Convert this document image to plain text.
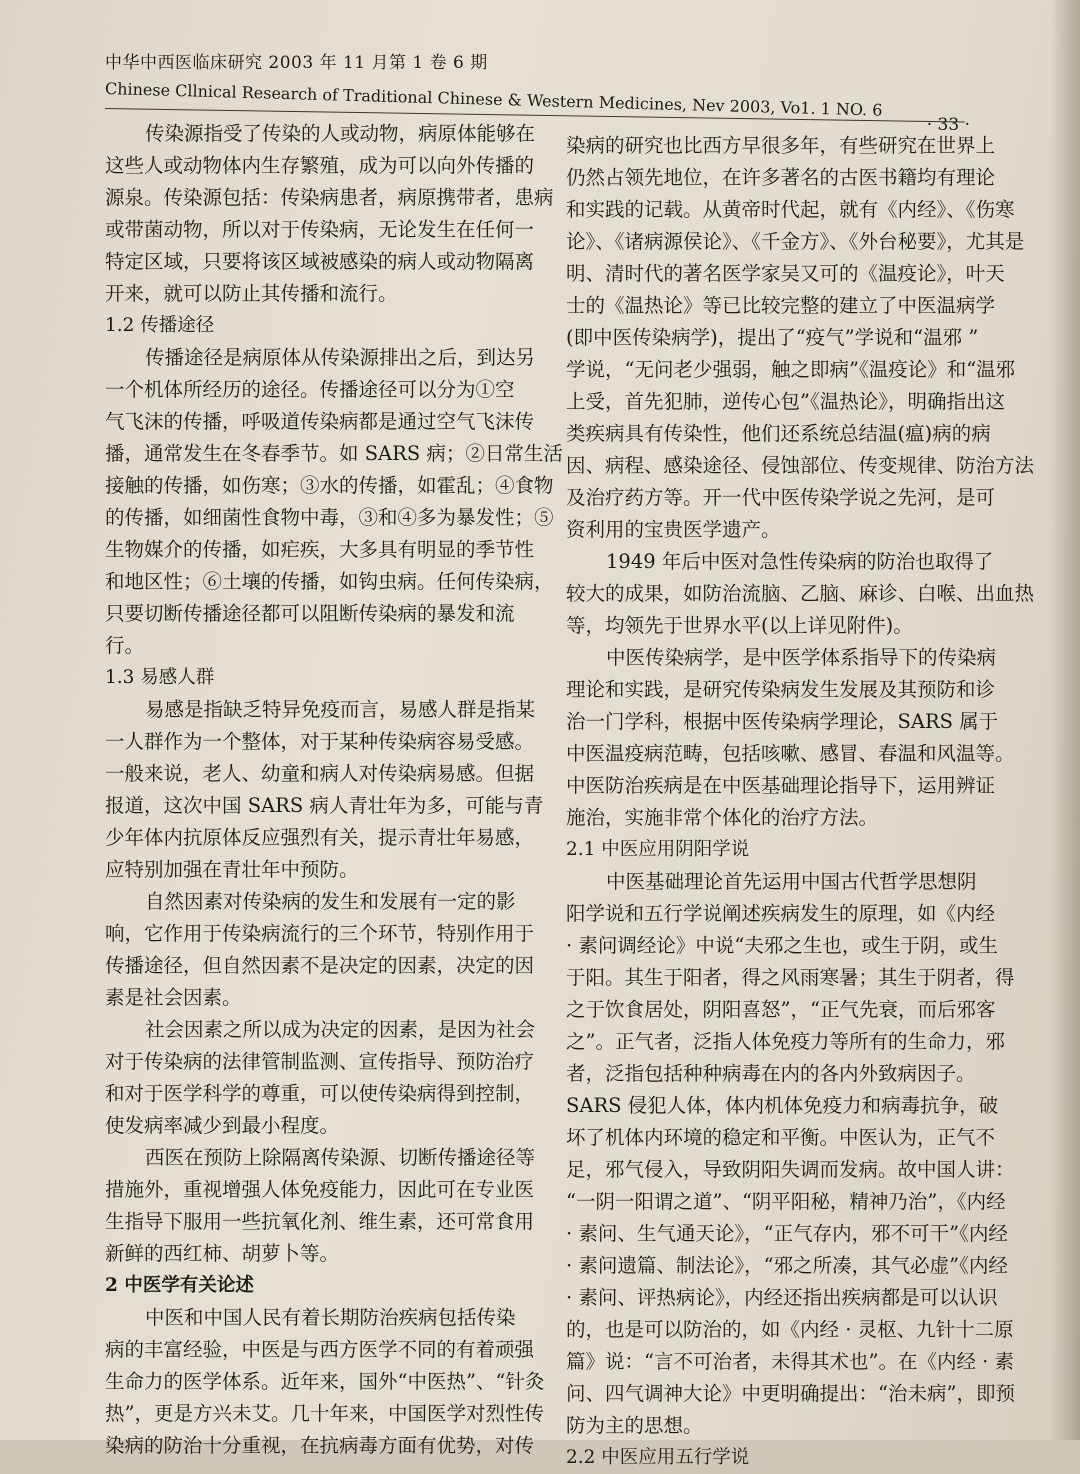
中华中西医临床研究 2003 年 11 月第 1 卷 6 期

Chinese Cllnical Research of Traditional Chinese & Western Medicines, Nev 2003, Vo1. 1 NO. 6

· 33 ·
传染源指受了传染的人或动物，病原体能够在
这些人或动物体内生存繁殖，成为可以向外传播的
源泉。传染源包括：传染病患者，病原携带者，患病
或带菌动物，所以对于传染病，无论发生在任何一
特定区域，只要将该区域被感染的病人或动物隔离
开来，就可以防止其传播和流行。
1.2 传播途径
传播途径是病原体从传染源排出之后，到达另
一个机体所经历的途径。传播途径可以分为①空
气飞沫的传播，呼吸道传染病都是通过空气飞沫传
播，通常发生在冬春季节。如 SARS 病；②日常生活
接触的传播，如伤寒；③水的传播，如霍乱；④食物
的传播，如细菌性食物中毒，③和④多为暴发性；⑤
生物媒介的传播，如疟疾，大多具有明显的季节性
和地区性；⑥土壤的传播，如钩虫病。任何传染病，
只要切断传播途径都可以阻断传染病的暴发和流
行。
1.3 易感人群
易感是指缺乏特异免疫而言，易感人群是指某
一人群作为一个整体，对于某种传染病容易受感。
一般来说，老人、幼童和病人对传染病易感。但据
报道，这次中国 SARS 病人青壮年为多，可能与青
少年体内抗原体反应强烈有关，提示青壮年易感，
应特别加强在青壮年中预防。
自然因素对传染病的发生和发展有一定的影
响，它作用于传染病流行的三个环节，特别作用于
传播途径，但自然因素不是决定的因素，决定的因
素是社会因素。
社会因素之所以成为决定的因素，是因为社会
对于传染病的法律管制监测、宣传指导、预防治疗
和对于医学科学的尊重，可以使传染病得到控制，
使发病率减少到最小程度。
西医在预防上除隔离传染源、切断传播途径等
措施外，重视增强人体免疫能力，因此可在专业医
生指导下服用一些抗氧化剂、维生素，还可常食用
新鲜的西红柿、胡萝卜等。
2 中医学有关论述
中医和中国人民有着长期防治疾病包括传染
病的丰富经验，中医是与西方医学不同的有着顽强
生命力的医学体系。近年来，国外“中医热”、“针灸
热”，更是方兴未艾。几十年来，中国医学对烈性传
染病的防治十分重视，在抗病毒方面有优势，对传
染病的研究也比西方早很多年，有些研究在世界上
仍然占领先地位，在许多著名的古医书籍均有理论
和实践的记载。从黄帝时代起，就有《内经》、《伤寒
论》、《诸病源侯论》、《千金方》、《外台秘要》，尤其是
明、清时代的著名医学家吴又可的《温疫论》，叶天
士的《温热论》等已比较完整的建立了中医温病学
(即中医传染病学)，提出了“疫气”学说和“温邪 ”
学说，“无问老少强弱，触之即病”《温疫论》和“温邪
上受，首先犯肺，逆传心包”《温热论》，明确指出这
类疾病具有传染性，他们还系统总结温(瘟)病的病
因、病程、感染途径、侵蚀部位、传变规律、防治方法
及治疗药方等。开一代中医传染学说之先河，是可
资利用的宝贵医学遗产。
1949 年后中医对急性传染病的防治也取得了
较大的成果，如防治流脑、乙脑、麻诊、白喉、出血热
等，均领先于世界水平(以上详见附件)。
中医传染病学，是中医学体系指导下的传染病
理论和实践，是研究传染病发生发展及其预防和诊
治一门学科，根据中医传染病学理论，SARS 属于
中医温疫病范畴，包括咳嗽、感冒、春温和风温等。
中医防治疾病是在中医基础理论指导下，运用辨证
施治，实施非常个体化的治疗方法。
2.1 中医应用阴阳学说
中医基础理论首先运用中国古代哲学思想阴
阳学说和五行学说阐述疾病发生的原理，如《内经
· 素问调经论》中说“夫邪之生也，或生于阴，或生
于阳。其生于阳者，得之风雨寒暑；其生于阴者，得
之于饮食居处，阴阳喜怒”，“正气先衰，而后邪客
之”。正气者，泛指人体免疫力等所有的生命力，邪
者，泛指包括种种病毒在内的各内外致病因子。
SARS 侵犯人体，体内机体免疫力和病毒抗争，破
坏了机体内环境的稳定和平衡。中医认为，正气不
足，邪气侵入，导致阴阳失调而发病。故中国人讲：
“一阴一阳谓之道”、“阴平阳秘，精神乃治”，《内经
· 素问、生气通天论》，“正气存内，邪不可干”《内经
· 素问遗篇、制法论》，“邪之所凑，其气必虚”《内经
· 素问、评热病论》，内经还指出疾病都是可以认识
的，也是可以防治的，如《内经 · 灵枢、九针十二原
篇》说：“言不可治者，未得其术也”。在《内经 · 素
问、四气调神大论》中更明确提出：“治未病”，即预
防为主的思想。
2.2 中医应用五行学说
